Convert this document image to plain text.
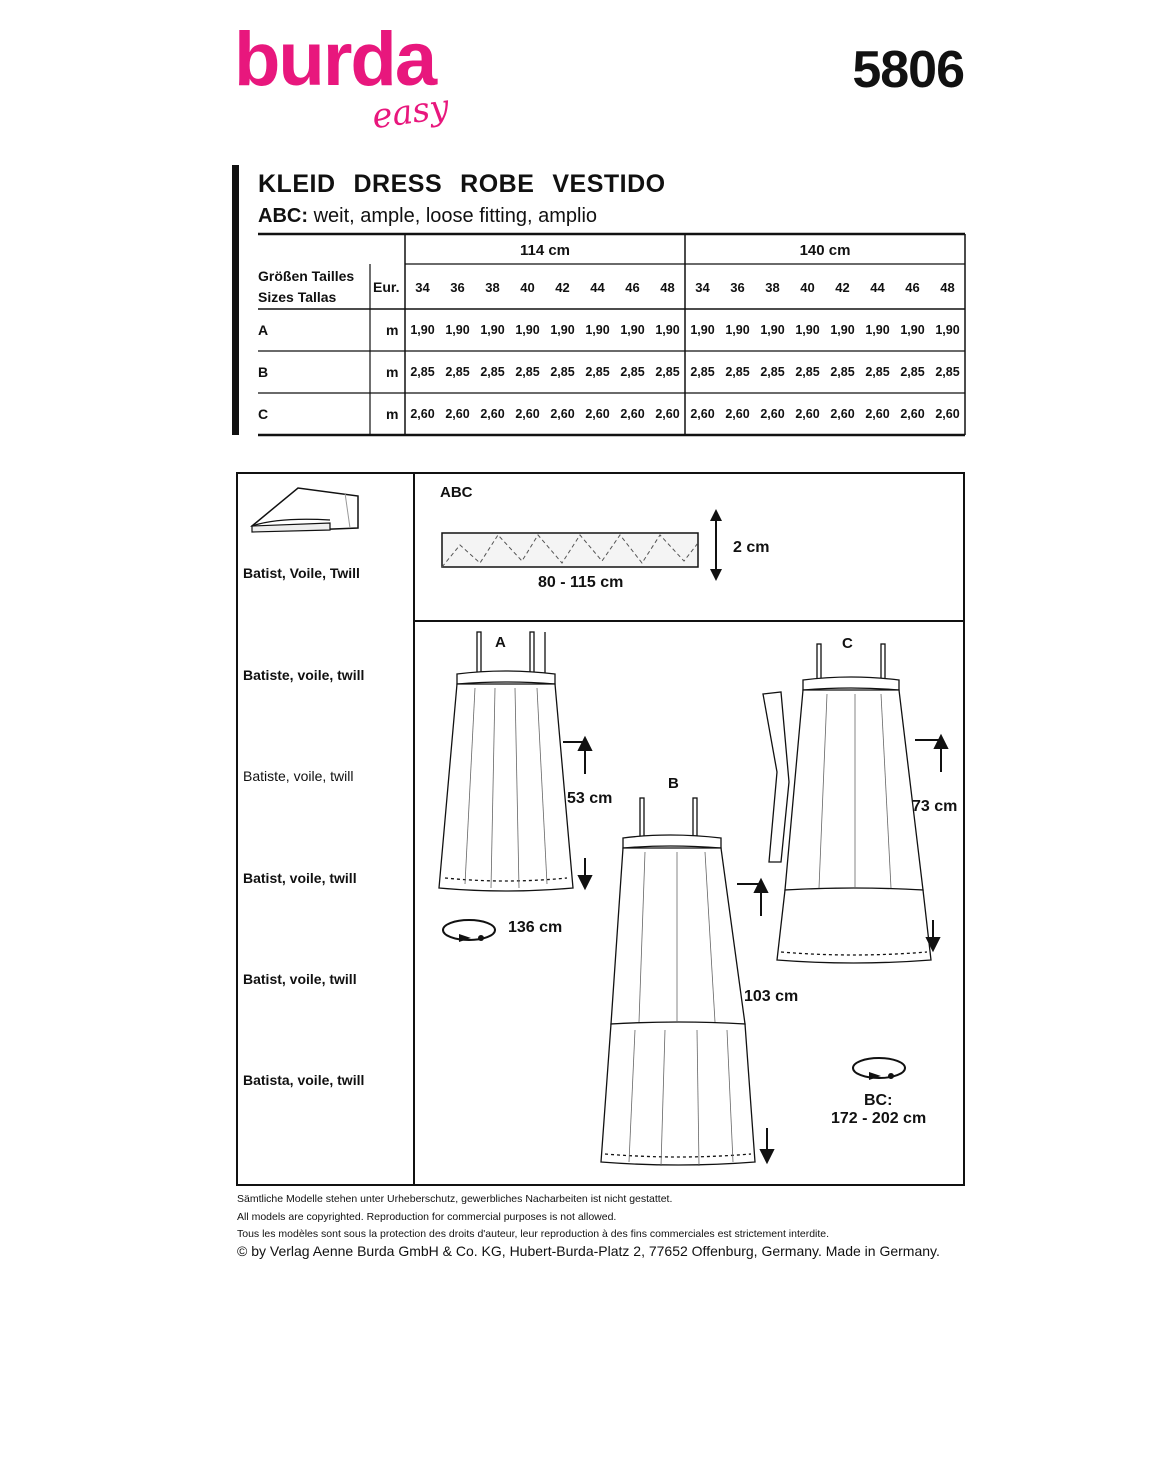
burda
easy
5806
KLEID DRESS ROBE VESTIDO
ABC: weit, ample, loose fitting, amplio
114 cm	140 cm
Größen Tailles
Sizes Tallas
Eur.	34	36	38	40	42	44	46	48	34	36	38	40	42	44	46	48
A	m 1,90 1,90 1,90 1,90 1,90 1,90 1,90 1,90 1,90 1,90 1,90 1,90 1,90 1,90 1,90 1,90
B	m 2,85 2,85 2,85 2,85 2,85 2,85 2,85 2,85 2,85 2,85 2,85 2,85 2,85 2,85 2,85 2,85
C	m 2,60 2,60 2,60 2,60 2,60 2,60 2,60 2,60 2,60 2,60 2,60 2,60 2,60 2,60 2,60 2,60
Batist, Voile, Twill
Batiste, voile, twill
Batiste, voile, twill
Batist, voile, twill
Batist, voile, twill
Batista, voile, twill
ABC
2 cm
80 - 115 cm
A
B
C
53 cm
136 cm
103 cm
73 cm
BC:
172 - 202 cm
Sämtliche Modelle stehen unter Urheberschutz, gewerbliches Nacharbeiten ist nicht gestattet.
All models are copyrighted. Reproduction for commercial purposes is not allowed.
Tous les modèles sont sous la protection des droits d'auteur, leur reproduction à des fins commerciales est strictement interdite.
© by Verlag Aenne Burda GmbH & Co. KG, Hubert-Burda-Platz 2, 77652 Offenburg, Germany. Made in Germany.
